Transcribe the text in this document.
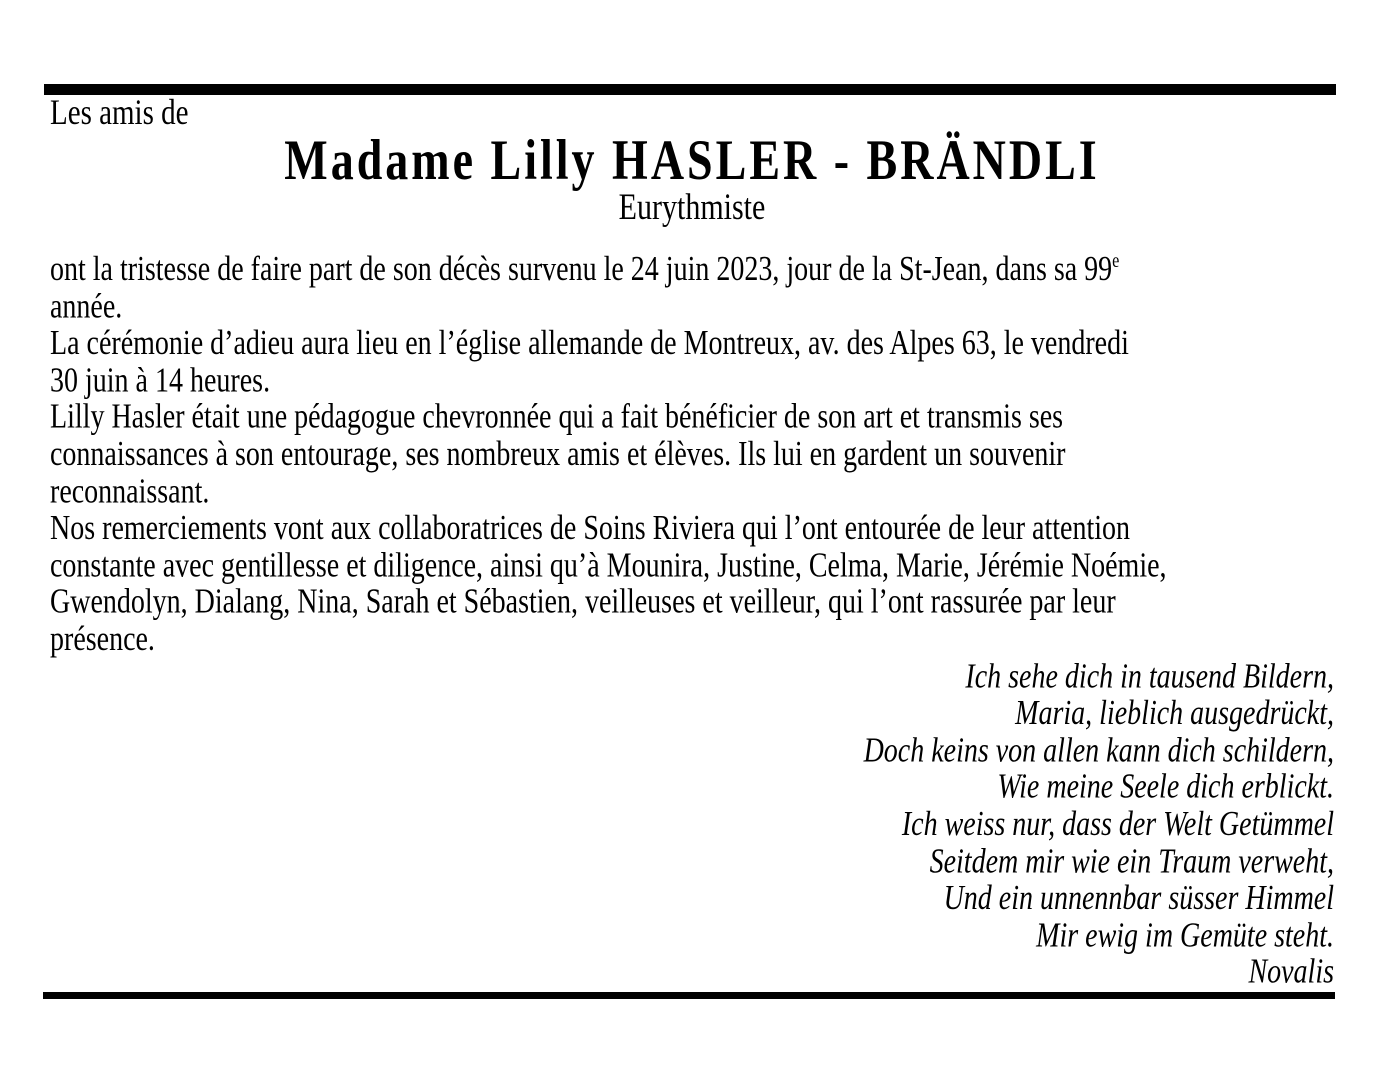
Les amis de
Madame Lilly HASLER - BRÄNDLI
Eurythmiste
ont la tristesse de faire part de son décès survenu le 24 juin 2023, jour de la St-Jean, dans sa 99e
année.
La cérémonie d’adieu aura lieu en l’église allemande de Montreux, av. des Alpes 63, le vendredi
30 juin à 14 heures.
Lilly Hasler était une pédagogue chevronnée qui a fait bénéficier de son art et transmis ses
connaissances à son entourage, ses nombreux amis et élèves. Ils lui en gardent un souvenir
reconnaissant.
Nos remerciements vont aux collaboratrices de Soins Riviera qui l’ont entourée de leur attention
constante avec gentillesse et diligence, ainsi qu’à Mounira, Justine, Celma, Marie, Jérémie Noémie,
Gwendolyn, Dialang, Nina, Sarah et Sébastien, veilleuses et veilleur, qui l’ont rassurée par leur
présence.
Ich sehe dich in tausend Bildern,
Maria, lieblich ausgedrückt,
Doch keins von allen kann dich schildern,
Wie meine Seele dich erblickt.
Ich weiss nur, dass der Welt Getümmel
Seitdem mir wie ein Traum verweht,
Und ein unnennbar süsser Himmel
Mir ewig im Gemüte steht.
Novalis
